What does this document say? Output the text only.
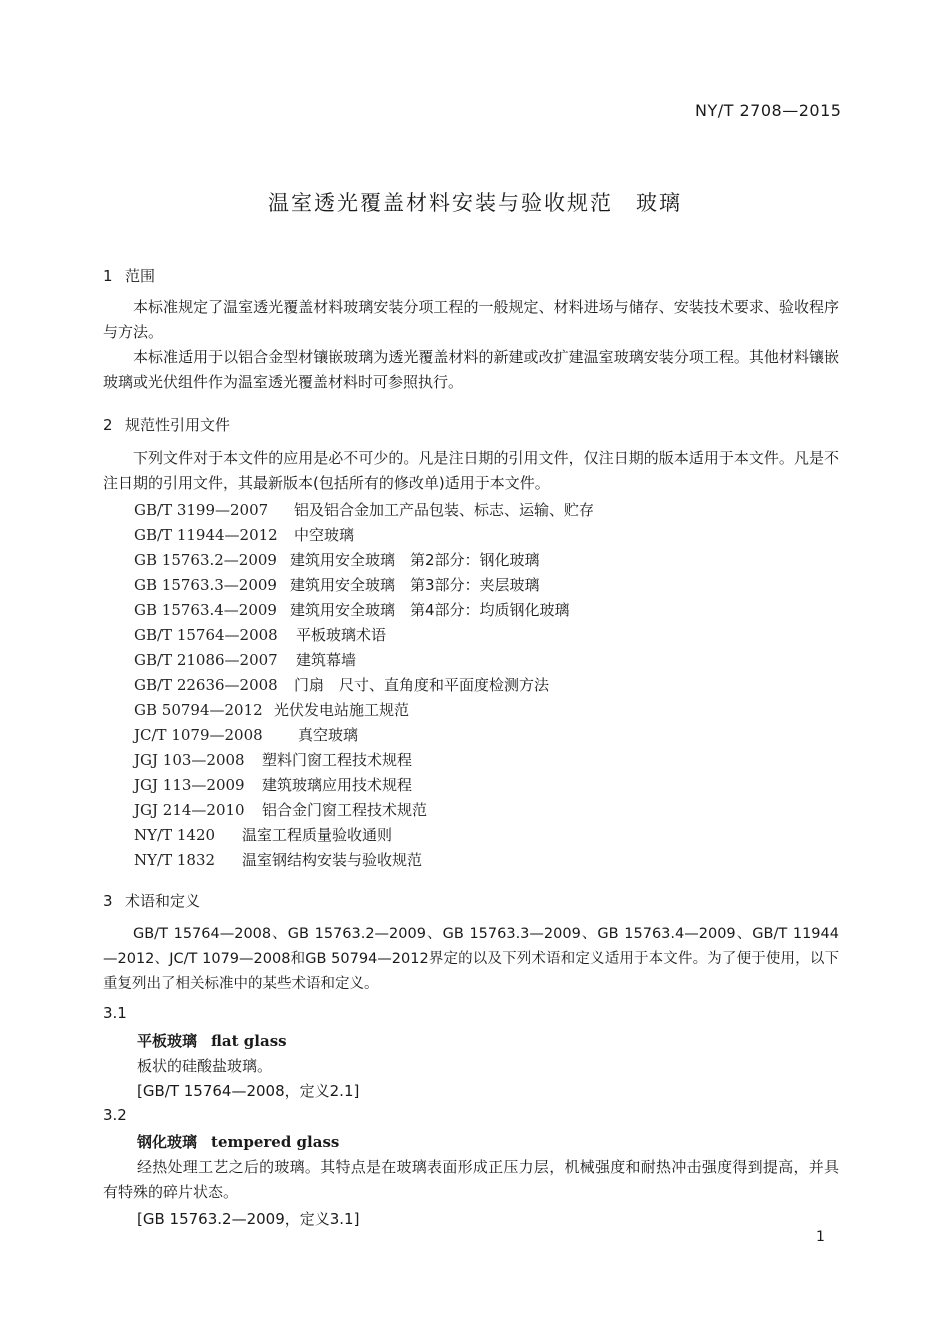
NY/T 2708—2015
温室透光覆盖材料安装与验收规范　玻璃
1 范围
本标准规定了温室透光覆盖材料玻璃安装分项工程的一般规定、材料进场与储存、安装技术要求、验收程序与方法。
本标准适用于以铝合金型材镶嵌玻璃为透光覆盖材料的新建或改扩建温室玻璃安装分项工程。其他材料镶嵌玻璃或光伏组件作为温室透光覆盖材料时可参照执行。
2 规范性引用文件
下列文件对于本文件的应用是必不可少的。凡是注日期的引用文件，仅注日期的版本适用于本文件。凡是不注日期的引用文件，其最新版本(包括所有的修改单)适用于本文件。
GB/T 3199—2007 铝及铝合金加工产品包装、标志、运输、贮存
GB/T 11944—2012 中空玻璃
GB 15763.2—2009 建筑用安全玻璃　第2部分：钢化玻璃
GB 15763.3—2009 建筑用安全玻璃　第3部分：夹层玻璃
GB 15763.4—2009 建筑用安全玻璃　第4部分：均质钢化玻璃
GB/T 15764—2008 平板玻璃术语
GB/T 21086—2007 建筑幕墙
GB/T 22636—2008 门扇　尺寸、直角度和平面度检测方法
GB 50794—2012 光伏发电站施工规范
JC/T 1079—2008 真空玻璃
JGJ 103—2008 塑料门窗工程技术规程
JGJ 113—2009 建筑玻璃应用技术规程
JGJ 214—2010 铝合金门窗工程技术规范
NY/T 1420 温室工程质量验收通则
NY/T 1832 温室钢结构安装与验收规范
3 术语和定义
GB/T 15764—2008、GB 15763.2—2009、GB 15763.3—2009、GB 15763.4—2009、GB/T 11944—2012、JC/T 1079—2008和GB 50794—2012界定的以及下列术语和定义适用于本文件。为了便于使用，以下重复列出了相关标准中的某些术语和定义。
3.1
平板玻璃 flat glass
板状的硅酸盐玻璃。
[GB/T 15764—2008，定义2.1]
3.2
钢化玻璃 tempered glass
经热处理工艺之后的玻璃。其特点是在玻璃表面形成正压力层，机械强度和耐热冲击强度得到提高，并具有特殊的碎片状态。
[GB 15763.2—2009，定义3.1]
1
